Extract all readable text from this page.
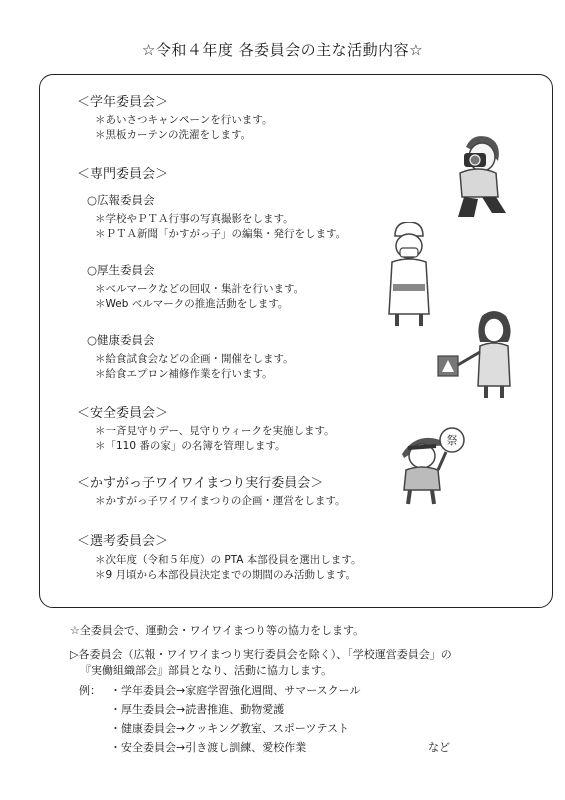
☆令和４年度 各委員会の主な活動内容☆
＜学年委員会＞
＊あいさつキャンペーンを行います。
＊黒板カーテンの洗濯をします。
＜専門委員会＞
○広報委員会
＊学校やＰＴＡ行事の写真撮影をします。
＊ＰＴＡ新聞「かすがっ子」の編集・発行をします。
○厚生委員会
＊ベルマークなどの回収・集計を行います。
＊Web ベルマークの推進活動をします。
○健康委員会
＊給食試食会などの企画・開催をします。
＊給食エプロン補修作業を行います。
＜安全委員会＞
＊一斉見守りデー、見守りウィークを実施します。
＊「110 番の家」の名簿を管理します。
＜かすがっ子ワイワイまつり実行委員会＞
＊かすがっ子ワイワイまつりの企画・運営をします。
＜選考委員会＞
＊次年度（令和５年度）の PTA 本部役員を選出します。
＊9 月頃から本部役員決定までの期間のみ活動します。
祭
☆全委員会で、運動会・ワイワイまつり等の協力をします。
▷各委員会（広報・ワイワイまつり実行委員会を除く）、「学校運営委員会」の
『実働組織部会』部員となり、活動に協力します。
例： ・学年委員会→家庭学習強化週間、サマースクール
・厚生委員会→読書推進、動物愛護
・健康委員会→クッキング教室、スポーツテスト
・安全委員会→引き渡し訓練、愛校作業	など
